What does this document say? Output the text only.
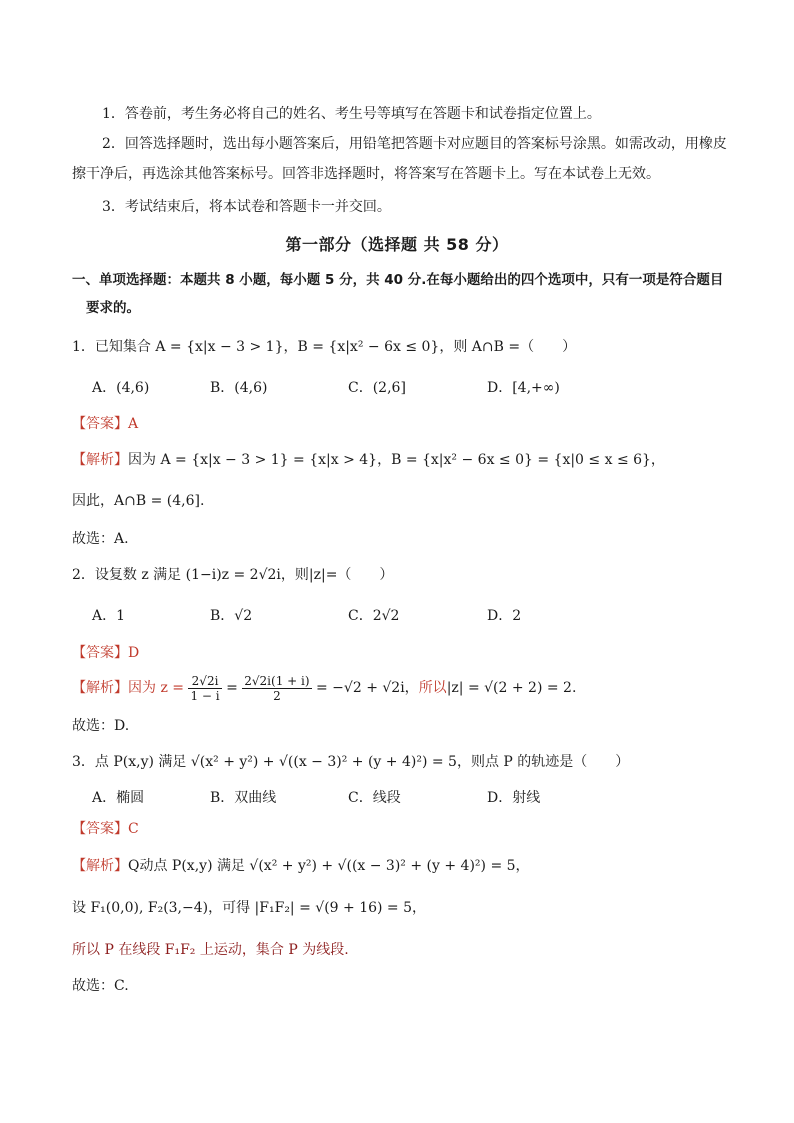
1．答卷前，考生务必将自己的姓名、考生号等填写在答题卡和试卷指定位置上。
2．回答选择题时，选出每小题答案后，用铅笔把答题卡对应题目的答案标号涂黑。如需改动，用橡皮
擦干净后，再选涂其他答案标号。回答非选择题时，将答案写在答题卡上。写在本试卷上无效。
3．考试结束后，将本试卷和答题卡一并交回。
第一部分（选择题 共 58 分）
一、单项选择题：本题共 8 小题，每小题 5 分，共 40 分.在每小题给出的四个选项中，只有一项是符合题目
要求的。
1．已知集合 A = {x|x − 3 > 1}，B = {x|x² − 6x ≤ 0}，则 A∩B =（　　）
A．(4,6)	B．(4,6)	C．(2,6]	D．[4,+∞)
【答案】A
【解析】因为 A = {x|x − 3 > 1} = {x|x > 4}，B = {x|x² − 6x ≤ 0} = {x|0 ≤ x ≤ 6}，
因此，A∩B = (4,6].
故选：A.
2．设复数 z 满足 (1−i)z = 2√2i，则|z|=（　　）
A．1	B．√2	C．2√2	D．2
【答案】D
【解析】因为 $z = \frac{2√2i}{1 - i} = \frac{2√2i(1 + i)}{2} = -√2 + √2i$，所以|z| = √(2 + 2) = 2.
故选：D.
3．点 P(x,y) 满足 √(x² + y²) + √((x − 3)² + (y + 4)²) = 5，则点 P 的轨迹是（　　）
A．椭圆	B．双曲线	C．线段	D．射线
【答案】C
【解析】Q动点 P(x,y) 满足 √(x² + y²) + √((x − 3)² + (y + 4)²) = 5，
设 F₁(0,0), F₂(3,−4)，可得 |F₁F₂| = √(9 + 16) = 5，
所以 P 在线段 F₁F₂ 上运动，集合 P 为线段.
故选：C.
